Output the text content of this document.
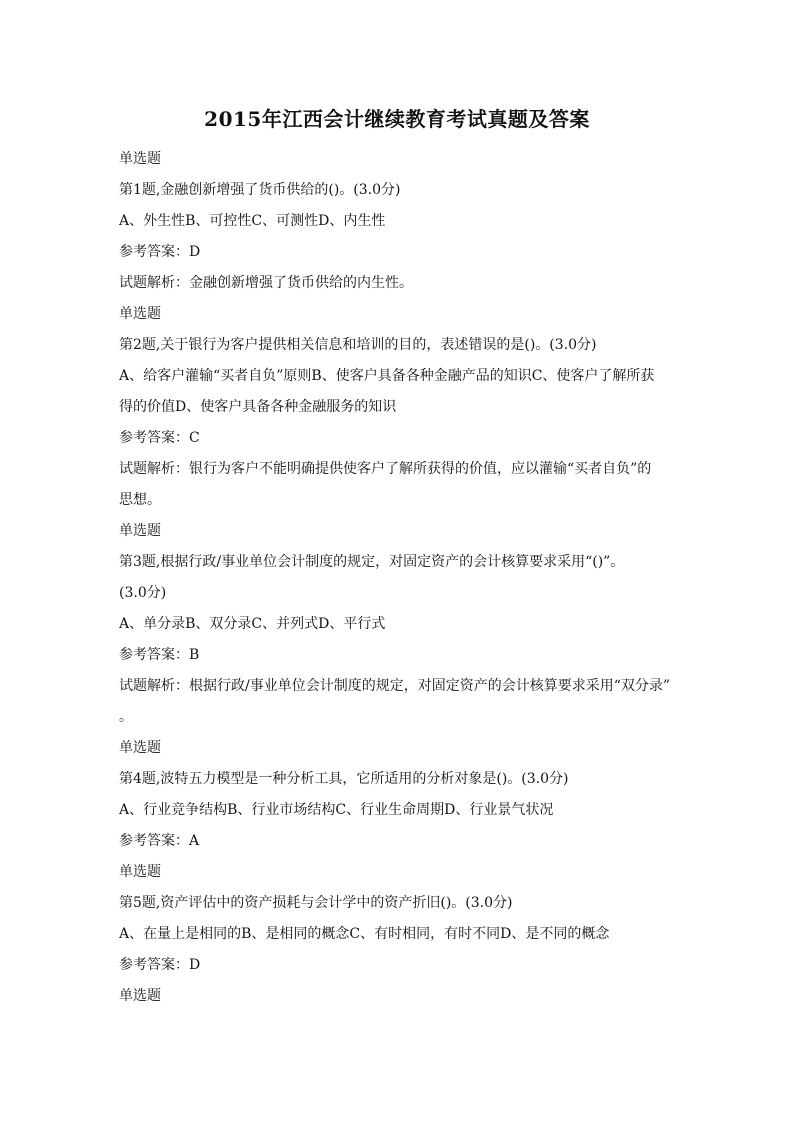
2015年江西会计继续教育考试真题及答案
单选题
第1题,金融创新增强了货币供给的()。(3.0分)
A、外生性B、可控性C、可测性D、内生性
参考答案：D
试题解析：金融创新增强了货币供给的内生性。
单选题
第2题,关于银行为客户提供相关信息和培训的目的，表述错误的是()。(3.0分)
A、给客户灌输“买者自负”原则B、使客户具备各种金融产品的知识C、使客户了解所获
得的价值D、使客户具备各种金融服务的知识
参考答案：C
试题解析：银行为客户不能明确提供使客户了解所获得的价值，应以灌输“买者自负”的
思想。
单选题
第3题,根据行政/事业单位会计制度的规定，对固定资产的会计核算要求采用“()”。
(3.0分)
A、单分录B、双分录C、并列式D、平行式
参考答案：B
试题解析：根据行政/事业单位会计制度的规定，对固定资产的会计核算要求采用“双分录”
。
单选题
第4题,波特五力模型是一种分析工具，它所适用的分析对象是()。(3.0分)
A、行业竞争结构B、行业市场结构C、行业生命周期D、行业景气状况
参考答案：A
单选题
第5题,资产评估中的资产损耗与会计学中的资产折旧()。(3.0分)
A、在量上是相同的B、是相同的概念C、有时相同，有时不同D、是不同的概念
参考答案：D
单选题
